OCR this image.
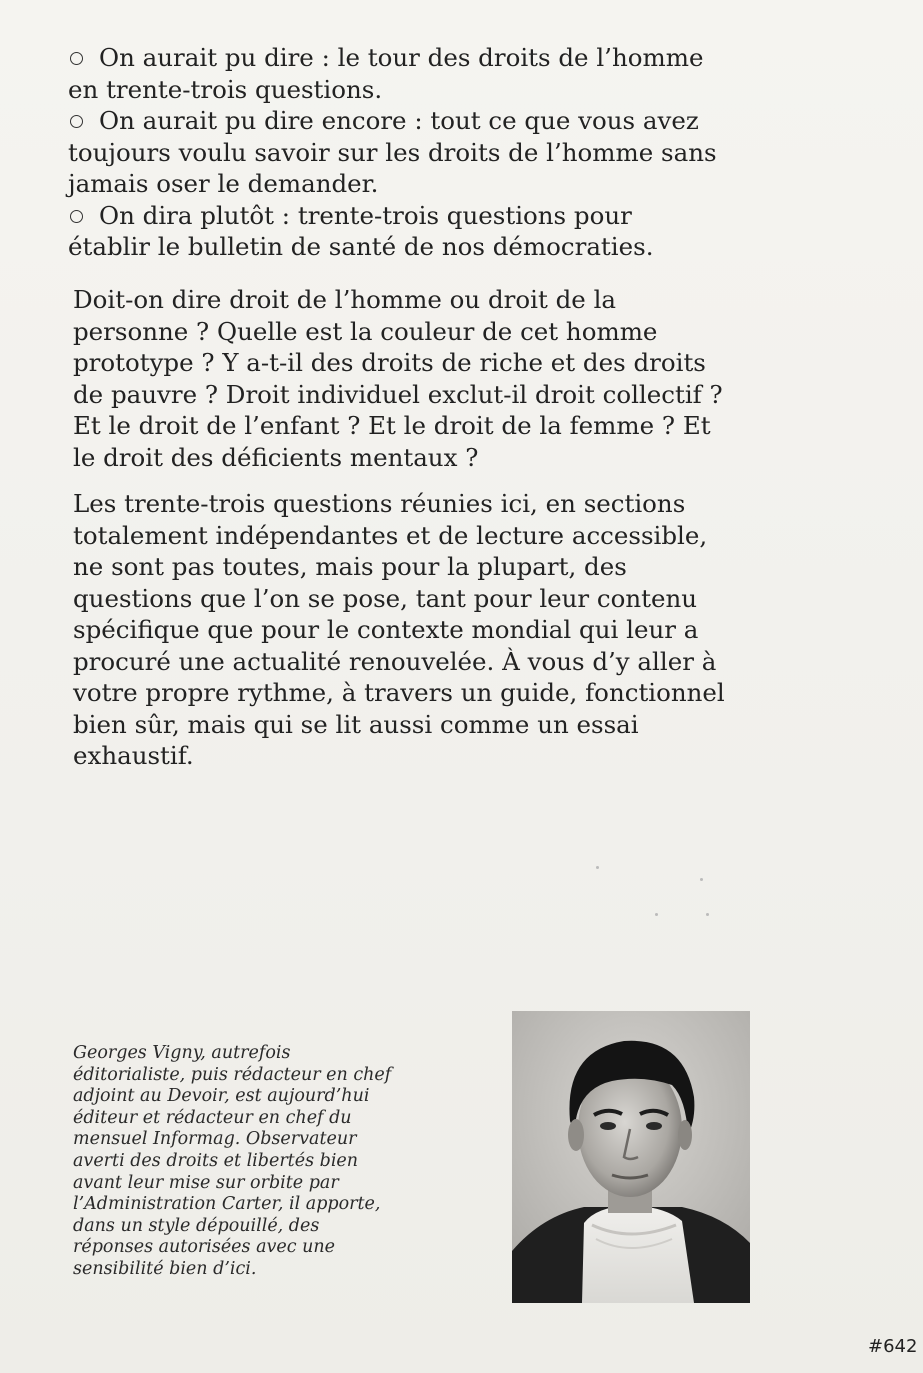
On aurait pu dire : le tour des droits de l’homme
en trente-trois questions.

On aurait pu dire encore : tout ce que vous avez
toujours voulu savoir sur les droits de l’homme sans
jamais oser le demander.

On dira plutôt : trente-trois questions pour
établir le bulletin de santé de nos démocraties.

Doit-on dire droit de l’homme ou droit de la
personne ? Quelle est la couleur de cet homme
prototype ? Y a-t-il des droits de riche et des droits
de pauvre ? Droit individuel exclut-il droit collectif ?
Et le droit de l’enfant ? Et le droit de la femme ? Et
le droit des déficients mentaux ?

Les trente-trois questions réunies ici, en sections
totalement indépendantes et de lecture accessible,
ne sont pas toutes, mais pour la plupart, des
questions que l’on se pose, tant pour leur contenu
spécifique que pour le contexte mondial qui leur a
procuré une actualité renouvelée. À vous d’y aller à
votre propre rythme, à travers un guide, fonctionnel
bien sûr, mais qui se lit aussi comme un essai
exhaustif.

Georges Vigny, autrefois
éditorialiste, puis rédacteur en chef
adjoint au Devoir, est aujourd’hui
éditeur et rédacteur en chef du
mensuel Informag. Observateur
averti des droits et libertés bien
avant leur mise sur orbite par
l’Administration Carter, il apporte,
dans un style dépouillé, des
réponses autorisées avec une
sensibilité bien d’ici.
#642
